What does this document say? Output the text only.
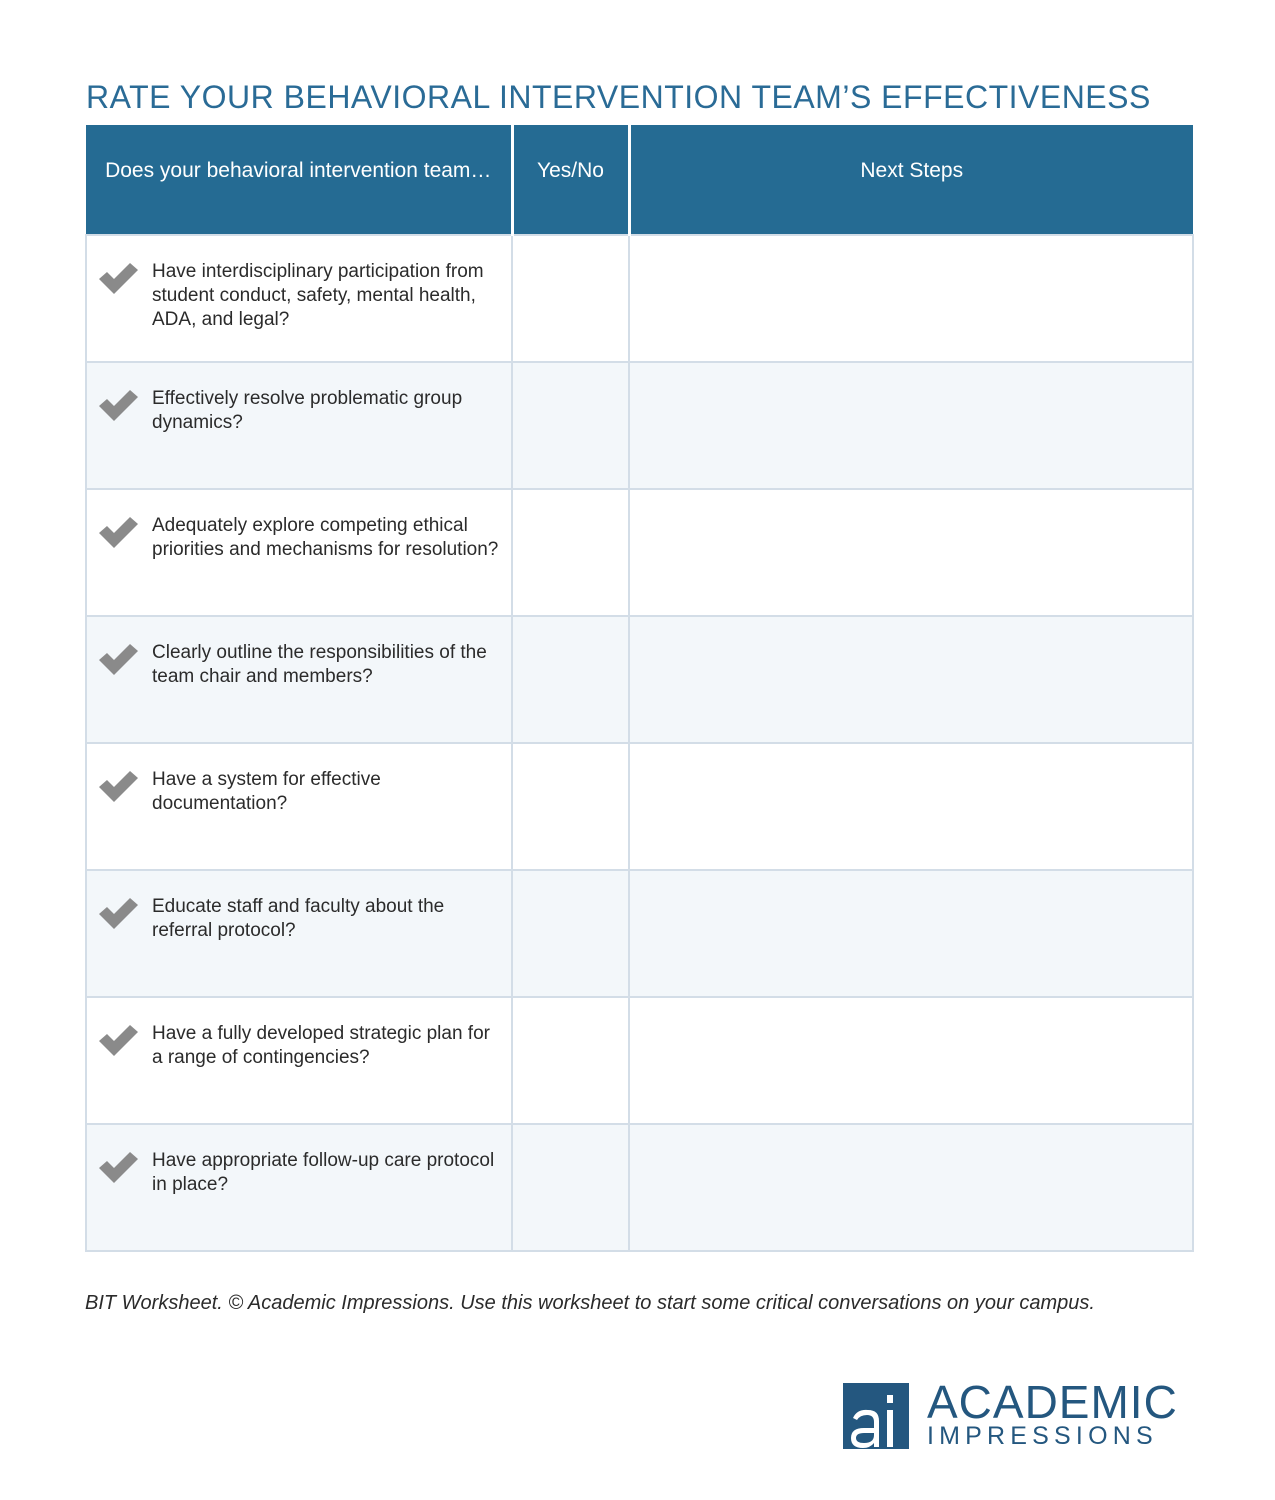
RATE YOUR BEHAVIORAL INTERVENTION TEAM’S EFFECTIVENESS
Does your behavioral intervention team…	Yes/No	Next Steps

Have interdisciplinary participation from student conduct, safety, mental health, ADA, and legal?		

Effectively resolve problematic group dynamics?		

Adequately explore competing ethical priorities and mechanisms for resolution?		

Clearly outline the responsibilities of the team chair and members?		

Have a system for effective documentation?		

Educate staff and faculty about the referral protocol?		

Have a fully developed strategic plan for a range of contingencies?		

Have appropriate follow-up care protocol in place?		

BIT Worksheet. © Academic Impressions. Use this worksheet to start some critical conversations on your campus.
ACADEMIC
IMPRESSIONS
